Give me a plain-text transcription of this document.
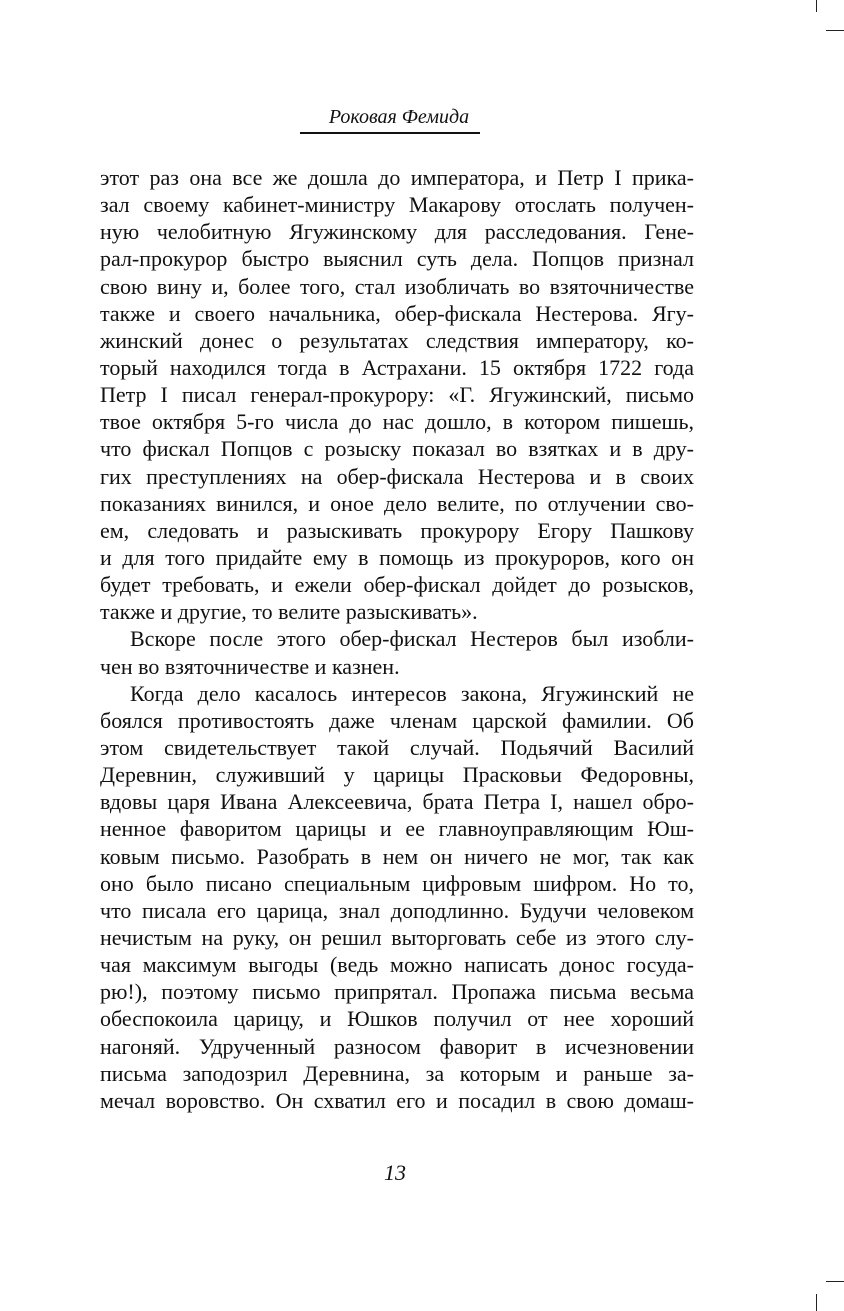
Роковая Фемида
этот раз она все же дошла до императора, и Петр I прика-
зал своему кабинет-министру Макарову отослать получен-
ную челобитную Ягужинскому для расследования. Гене-
рал-прокурор быстро выяснил суть дела. Попцов признал
свою вину и, более того, стал изобличать во взяточничестве
также и своего начальника, обер-фискала Нестерова. Ягу-
жинский донес о результатах следствия императору, ко-
торый находился тогда в Астрахани. 15 октября 1722 года
Петр I писал генерал-прокурору: «Г. Ягужинский, письмо
твое октября 5-го числа до нас дошло, в котором пишешь,
что фискал Попцов с розыску показал во взятках и в дру-
гих преступлениях на обер-фискала Нестерова и в своих
показаниях винился, и оное дело велите, по отлучении сво-
ем, следовать и разыскивать прокурору Егору Пашкову
и для того придайте ему в помощь из прокуроров, кого он
будет требовать, и ежели обер-фискал дойдет до розысков,
также и другие, то велите разыскивать».
Вскоре после этого обер-фискал Нестеров был изобли-
чен во взяточничестве и казнен.
Когда дело касалось интересов закона, Ягужинский не
боялся противостоять даже членам царской фамилии. Об
этом свидетельствует такой случай. Подьячий Василий
Деревнин, служивший у царицы Прасковьи Федоровны,
вдовы царя Ивана Алексеевича, брата Петра I, нашел обро-
ненное фаворитом царицы и ее главноуправляющим Юш-
ковым письмо. Разобрать в нем он ничего не мог, так как
оно было писано специальным цифровым шифром. Но то,
что писала его царица, знал доподлинно. Будучи человеком
нечистым на руку, он решил выторговать себе из этого слу-
чая максимум выгоды (ведь можно написать донос госуда-
рю!), поэтому письмо припрятал. Пропажа письма весьма
обеспокоила царицу, и Юшков получил от нее хороший
нагоняй. Удрученный разносом фаворит в исчезновении
письма заподозрил Деревнина, за которым и раньше за-
мечал воровство. Он схватил его и посадил в свою домаш-
13
